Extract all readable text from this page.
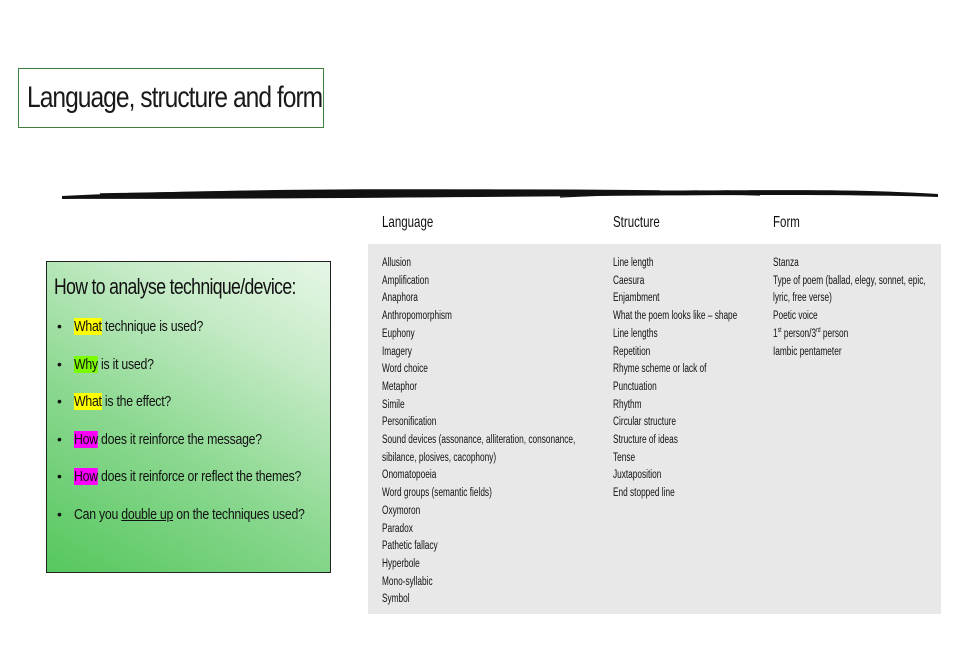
Language, structure and form
How to analyse technique/device:
• What technique is used?
• Why is it used?
• What is the effect?
• How does it reinforce the message?
• How does it reinforce or reflect the themes?
• Can you double up on the techniques used?
Language	Structure	Form
Allusion
Amplification
Anaphora
Anthropomorphism
Euphony
Imagery
Word choice
Metaphor
Simile
Personification
Sound devices (assonance, alliteration, consonance,
sibilance, plosives, cacophony)
Onomatopoeia
Word groups (semantic fields)
Oxymoron
Paradox
Pathetic fallacy
Hyperbole
Mono-syllabic
Symbol
Line length
Caesura
Enjambment
What the poem looks like – shape
Line lengths
Repetition
Rhyme scheme or lack of
Punctuation
Rhythm
Circular structure
Structure of ideas
Tense
Juxtaposition
End stopped line
Stanza
Type of poem (ballad, elegy, sonnet, epic,
lyric, free verse)
Poetic voice
1st person/3rd person
Iambic pentameter
